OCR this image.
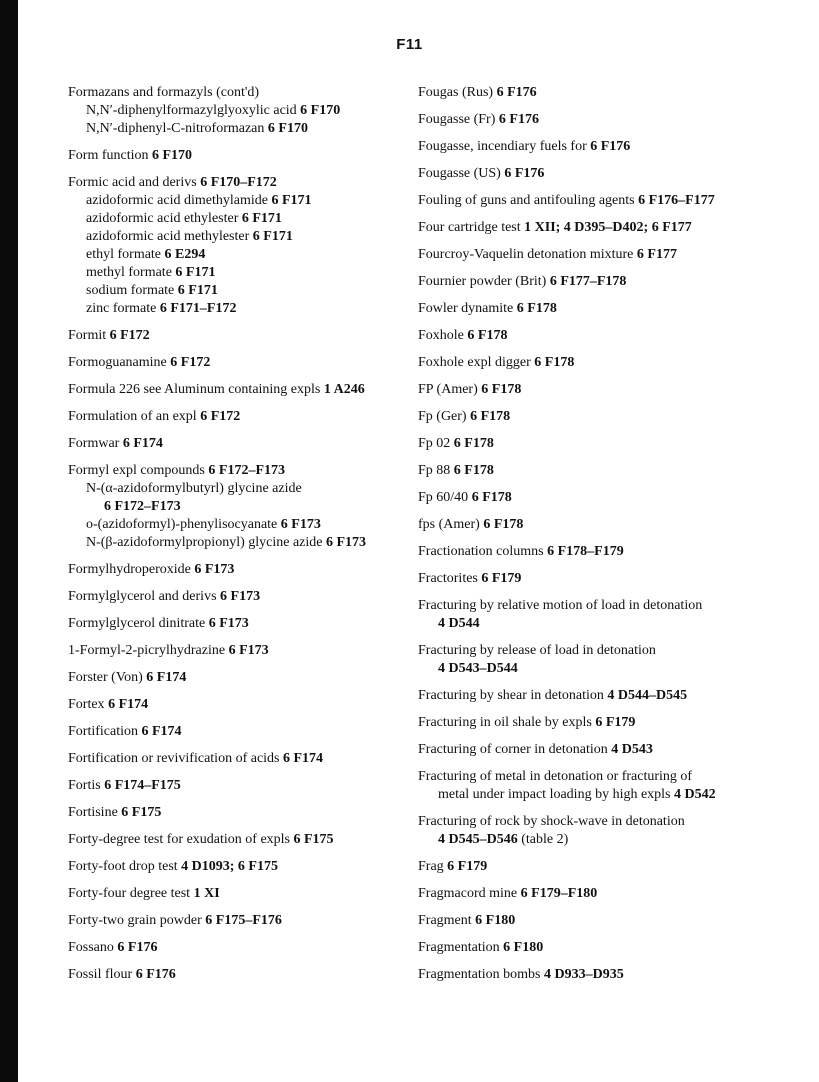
F11
Formazans and formazyls (cont'd)
N,N′-diphenylformazylglyoxylic acid 6 F170
N,N′-diphenyl-C-nitroformazan 6 F170
Form function 6 F170
Formic acid and derivs 6 F170–F172
azidoformic acid dimethylamide 6 F171
azidoformic acid ethylester 6 F171
azidoformic acid methylester 6 F171
ethyl formate 6 E294
methyl formate 6 F171
sodium formate 6 F171
zinc formate 6 F171–F172
Formit 6 F172
Formoguanamine 6 F172
Formula 226 see Aluminum containing expls 1 A246
Formulation of an expl 6 F172
Formwar 6 F174
Formyl expl compounds 6 F172–F173
N-(α-azidoformylbutyrl) glycine azide
6 F172–F173
o-(azidoformyl)-phenylisocyanate 6 F173
N-(β-azidoformylpropionyl) glycine azide 6 F173
Formylhydroperoxide 6 F173
Formylglycerol and derivs 6 F173
Formylglycerol dinitrate 6 F173
1-Formyl-2-picrylhydrazine 6 F173
Forster (Von) 6 F174
Fortex 6 F174
Fortification 6 F174
Fortification or revivification of acids 6 F174
Fortis 6 F174–F175
Fortisine 6 F175
Forty-degree test for exudation of expls 6 F175
Forty-foot drop test 4 D1093; 6 F175
Forty-four degree test 1 XI
Forty-two grain powder 6 F175–F176
Fossano 6 F176
Fossil flour 6 F176
Fougas (Rus) 6 F176
Fougasse (Fr) 6 F176
Fougasse, incendiary fuels for 6 F176
Fougasse (US) 6 F176
Fouling of guns and antifouling agents 6 F176–F177
Four cartridge test 1 XII; 4 D395–D402; 6 F177
Fourcroy-Vaquelin detonation mixture 6 F177
Fournier powder (Brit) 6 F177–F178
Fowler dynamite 6 F178
Foxhole 6 F178
Foxhole expl digger 6 F178
FP (Amer) 6 F178
Fp (Ger) 6 F178
Fp 02 6 F178
Fp 88 6 F178
Fp 60/40 6 F178
fps (Amer) 6 F178
Fractionation columns 6 F178–F179
Fractorites 6 F179
Fracturing by relative motion of load in detonation
4 D544
Fracturing by release of load in detonation
4 D543–D544
Fracturing by shear in detonation 4 D544–D545
Fracturing in oil shale by expls 6 F179
Fracturing of corner in detonation 4 D543
Fracturing of metal in detonation or fracturing of
metal under impact loading by high expls 4 D542
Fracturing of rock by shock-wave in detonation
4 D545–D546 (table 2)
Frag 6 F179
Fragmacord mine 6 F179–F180
Fragment 6 F180
Fragmentation 6 F180
Fragmentation bombs 4 D933–D935
